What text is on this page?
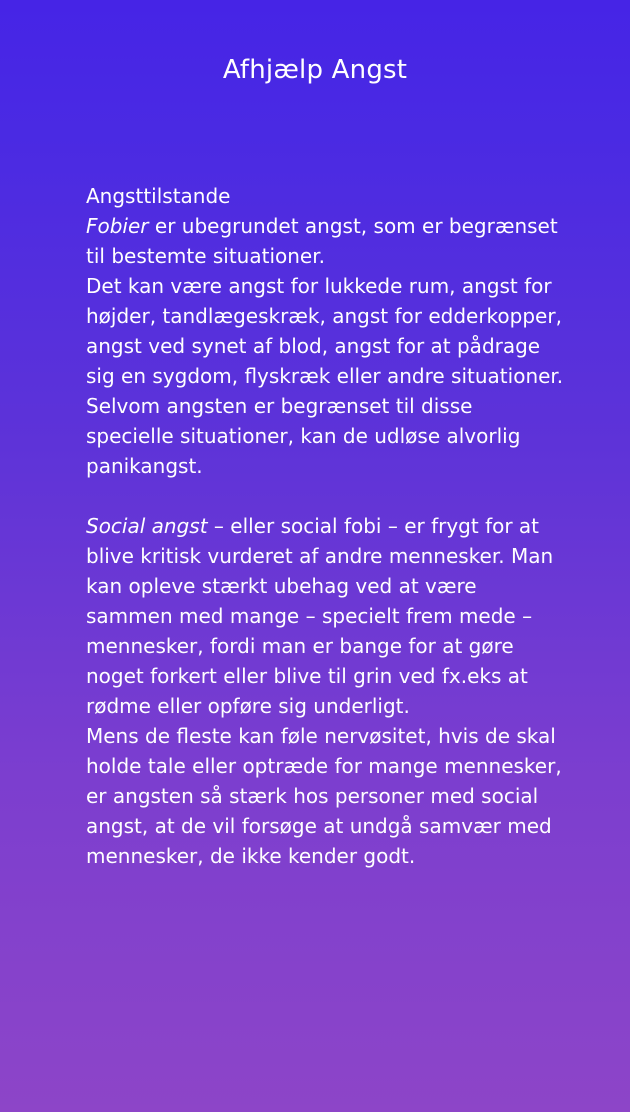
Afhjælp Angst

Angsttilstande

Fobier er ubegrundet angst, som er begrænset til bestemte situationer.

Det kan være angst for lukkede rum, angst for højder, tandlægeskræk, angst for edderkopper, angst ved synet af blod, angst for at pådrage sig en sygdom, flyskræk eller andre situationer.

Selvom angsten er begrænset til disse specielle situationer, kan de udløse alvorlig panikangst.

Social angst – eller social fobi – er frygt for at blive kritisk vurderet af andre mennesker. Man kan opleve stærkt ubehag ved at være sammen med mange – specielt frem mede – mennesker, fordi man er bange for at gøre noget forkert eller blive til grin ved fx.eks at rødme eller opføre sig underligt.

Mens de fleste kan føle nervøsitet, hvis de skal holde tale eller optræde for mange mennesker, er angsten så stærk hos personer med social angst, at de vil forsøge at undgå samvær med mennesker, de ikke kender godt.
